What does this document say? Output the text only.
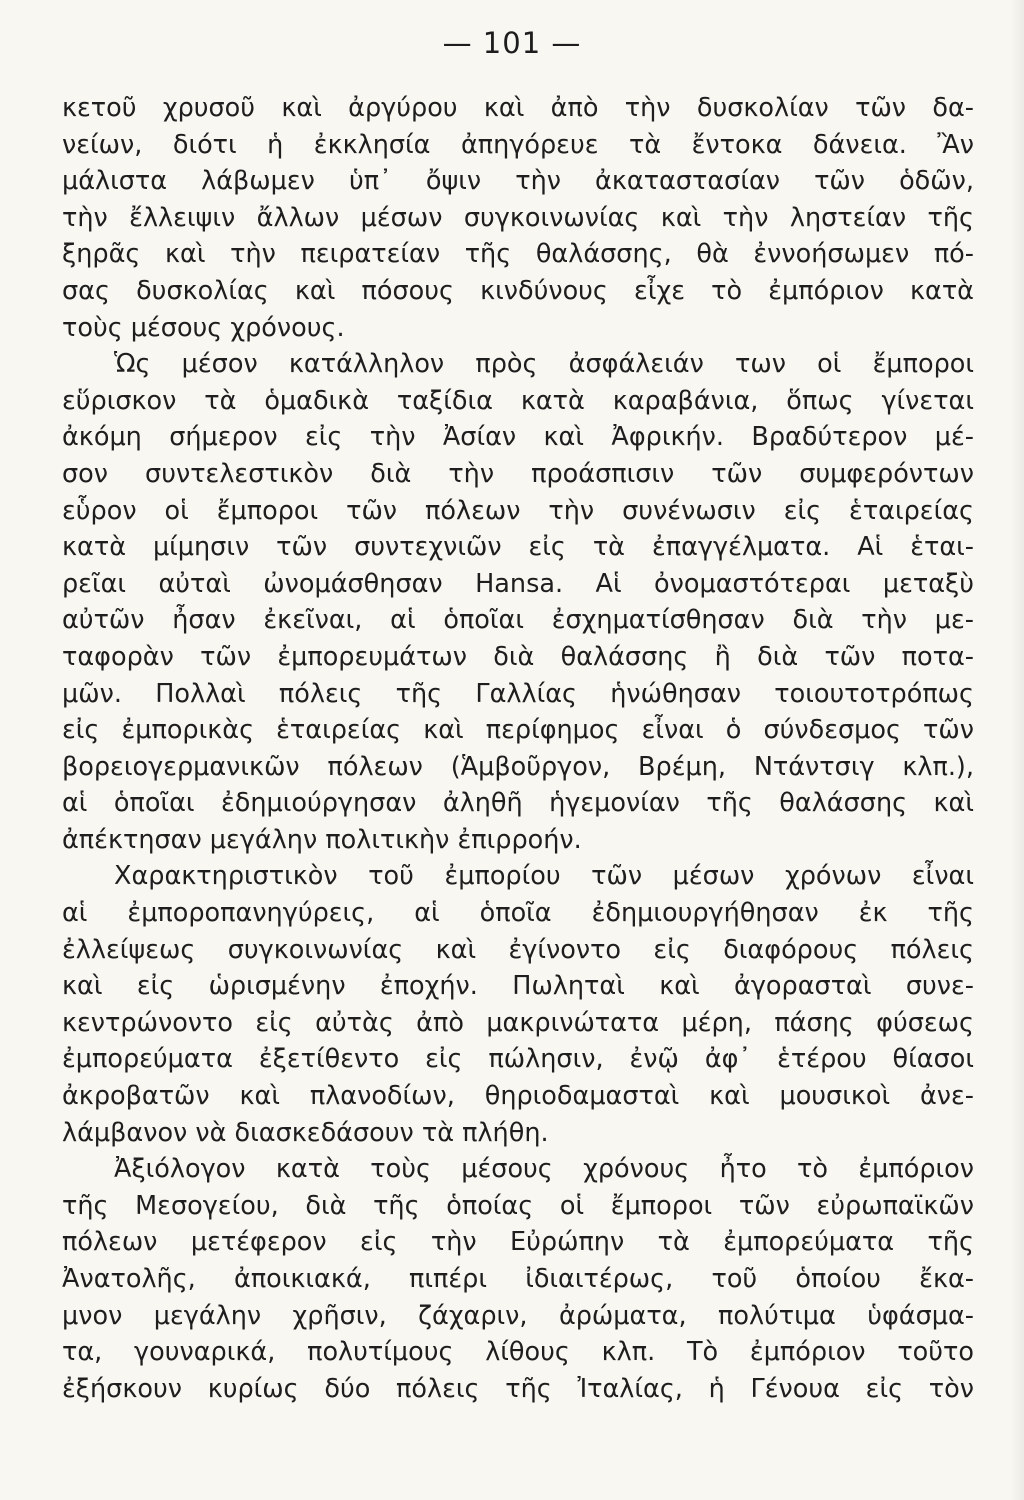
— 101 —
κετοῦ χρυσοῦ καὶ ἀργύρου καὶ ἀπὸ τὴν δυσκολίαν τῶν δα-
νείων, διότι ἡ ἐκκλησία ἀπηγόρευε τὰ ἔντοκα δάνεια. Ἂν
μάλιστα λάβωμεν ὑπ᾿ ὄψιν τὴν ἀκαταστασίαν τῶν ὁδῶν,
τὴν ἔλλειψιν ἄλλων μέσων συγκοινωνίας καὶ τὴν ληστείαν τῆς
ξηρᾶς καὶ τὴν πειρατείαν τῆς θαλάσσης, θὰ ἐννοήσωμεν πό-
σας δυσκολίας καὶ πόσους κινδύνους εἶχε τὸ ἐμπόριον κατὰ
τοὺς μέσους χρόνους.
Ὡς μέσον κατάλληλον πρὸς ἀσφάλειάν των οἱ ἔμποροι
εὕρισκον τὰ ὁμαδικὰ ταξίδια κατὰ καραβάνια, ὅπως γίνεται
ἀκόμη σήμερον εἰς τὴν Ἀσίαν καὶ Ἀφρικήν. Βραδύτερον μέ-
σον συντελεστικὸν διὰ τὴν προάσπισιν τῶν συμφερόντων
εὗρον οἱ ἔμποροι τῶν πόλεων τὴν συνένωσιν εἰς ἑταιρείας
κατὰ μίμησιν τῶν συντεχνιῶν εἰς τὰ ἐπαγγέλματα. Αἱ ἑται-
ρεῖαι αὐταὶ ὠνομάσθησαν Hansa. Αἱ ὀνομαστότεραι μεταξὺ
αὐτῶν ἦσαν ἐκεῖναι, αἱ ὁποῖαι ἐσχηματίσθησαν διὰ τὴν με-
ταφορὰν τῶν ἐμπορευμάτων διὰ θαλάσσης ἢ διὰ τῶν ποτα-
μῶν. Πολλαὶ πόλεις τῆς Γαλλίας ἡνώθησαν τοιουτοτρόπως
εἰς ἐμπορικὰς ἑταιρείας καὶ περίφημος εἶναι ὁ σύνδεσμος τῶν
βορειογερμανικῶν πόλεων (Ἁμβοῦργον, Βρέμη, Ντάντσιγ κλπ.),
αἱ ὁποῖαι ἐδημιούργησαν ἀληθῆ ἡγεμονίαν τῆς θαλάσσης καὶ
ἀπέκτησαν μεγάλην πολιτικὴν ἐπιρροήν.
Χαρακτηριστικὸν τοῦ ἐμπορίου τῶν μέσων χρόνων εἶναι
αἱ ἐμποροπανηγύρεις, αἱ ὁποῖα ἐδημιουργήθησαν ἐκ τῆς
ἐλλείψεως συγκοινωνίας καὶ ἐγίνοντο εἰς διαφόρους πόλεις
καὶ εἰς ὡρισμένην ἐποχήν. Πωληταὶ καὶ ἀγορασταὶ συνε-
κεντρώνοντο εἰς αὐτὰς ἀπὸ μακρινώτατα μέρη, πάσης φύσεως
ἐμπορεύματα ἐξετίθεντο εἰς πώλησιν, ἐνῷ ἀφ᾿ ἑτέρου θίασοι
ἀκροβατῶν καὶ πλανοδίων, θηριοδαμασταὶ καὶ μουσικοὶ ἀνε-
λάμβανον νὰ διασκεδάσουν τὰ πλήθη.
Ἀξιόλογον κατὰ τοὺς μέσους χρόνους ἦτο τὸ ἐμπόριον
τῆς Μεσογείου, διὰ τῆς ὁποίας οἱ ἔμποροι τῶν εὐρωπαϊκῶν
πόλεων μετέφερον εἰς τὴν Εὐρώπην τὰ ἐμπορεύματα τῆς
Ἀνατολῆς, ἀποικιακά, πιπέρι ἰδιαιτέρως, τοῦ ὁποίου ἔκα-
μνον μεγάλην χρῆσιν, ζάχαριν, ἀρώματα, πολύτιμα ὑφάσμα-
τα, γουναρικά, πολυτίμους λίθους κλπ. Τὸ ἐμπόριον τοῦτο
ἐξήσκουν κυρίως δύο πόλεις τῆς Ἰταλίας, ἡ Γένουα εἰς τὸν
